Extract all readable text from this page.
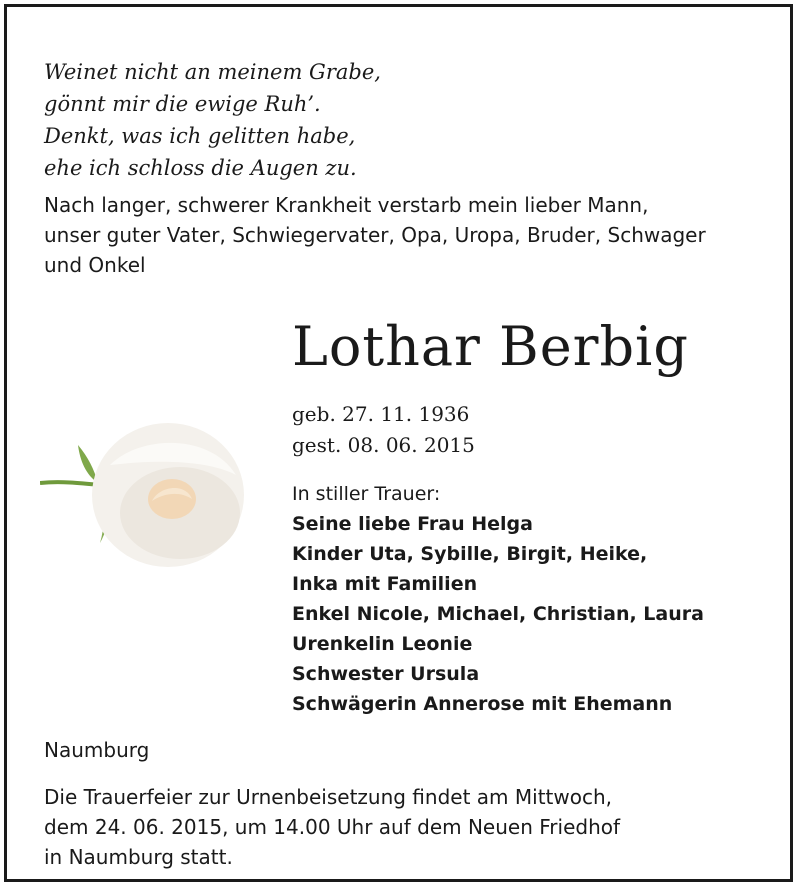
Weinet nicht an meinem Grabe,
gönnt mir die ewige Ruh’.
Denkt, was ich gelitten habe,
ehe ich schloss die Augen zu.
Nach langer, schwerer Krankheit verstarb mein lieber Mann,
unser guter Vater, Schwiegervater, Opa, Uropa, Bruder, Schwager
und Onkel
Lothar Berbig
geb. 27. 11. 1936
gest. 08. 06. 2015
In stiller Trauer:
Seine liebe Frau Helga
Kinder Uta, Sybille, Birgit, Heike,
Inka mit Familien
Enkel Nicole, Michael, Christian, Laura
Urenkelin Leonie
Schwester Ursula
Schwägerin Annerose mit Ehemann
Naumburg
Die Trauerfeier zur Urnenbeisetzung findet am Mittwoch,
dem 24. 06. 2015, um 14.00 Uhr auf dem Neuen Friedhof
in Naumburg statt.
